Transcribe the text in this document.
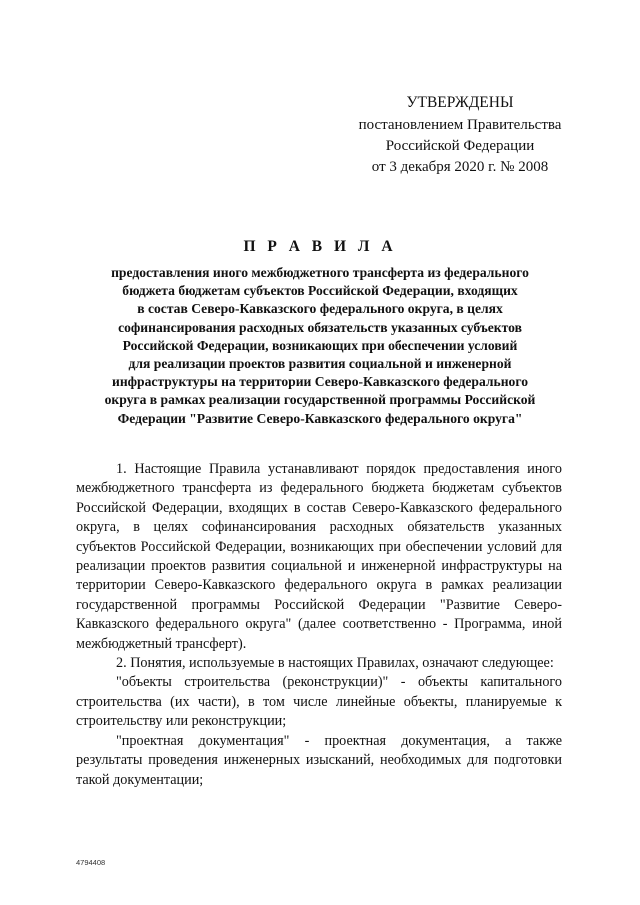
УТВЕРЖДЕНЫ
постановлением Правительства
Российской Федерации
от 3 декабря 2020 г. № 2008
П Р А В И Л А
предоставления иного межбюджетного трансферта из федерального
бюджета бюджетам субъектов Российской Федерации, входящих
в состав Северо-Кавказского федерального округа, в целях
софинансирования расходных обязательств указанных субъектов
Российской Федерации, возникающих при обеспечении условий
для реализации проектов развития социальной и инженерной
инфраструктуры на территории Северо-Кавказского федерального
округа в рамках реализации государственной программы Российской
Федерации "Развитие Северо-Кавказского федерального округа"

1. Настоящие Правила устанавливают порядок предоставления иного межбюджетного трансферта из федерального бюджета бюджетам субъектов Российской Федерации, входящих в состав Северо-Кавказского федерального округа, в целях софинансирования расходных обязательств указанных субъектов Российской Федерации, возникающих при обеспечении условий для реализации проектов развития социальной и инженерной инфраструктуры на территории Северо-Кавказского федерального округа в рамках реализации государственной программы Российской Федерации "Развитие Северо-Кавказского федерального округа" (далее соответственно - Программа, иной межбюджетный трансферт).

2. Понятия, используемые в настоящих Правилах, означают следующее:

"объекты строительства (реконструкции)" - объекты капитального строительства (их части), в том числе линейные объекты, планируемые к строительству или реконструкции;

"проектная документация" - проектная документация, а также результаты проведения инженерных изысканий, необходимых для подготовки такой документации;

4794408
